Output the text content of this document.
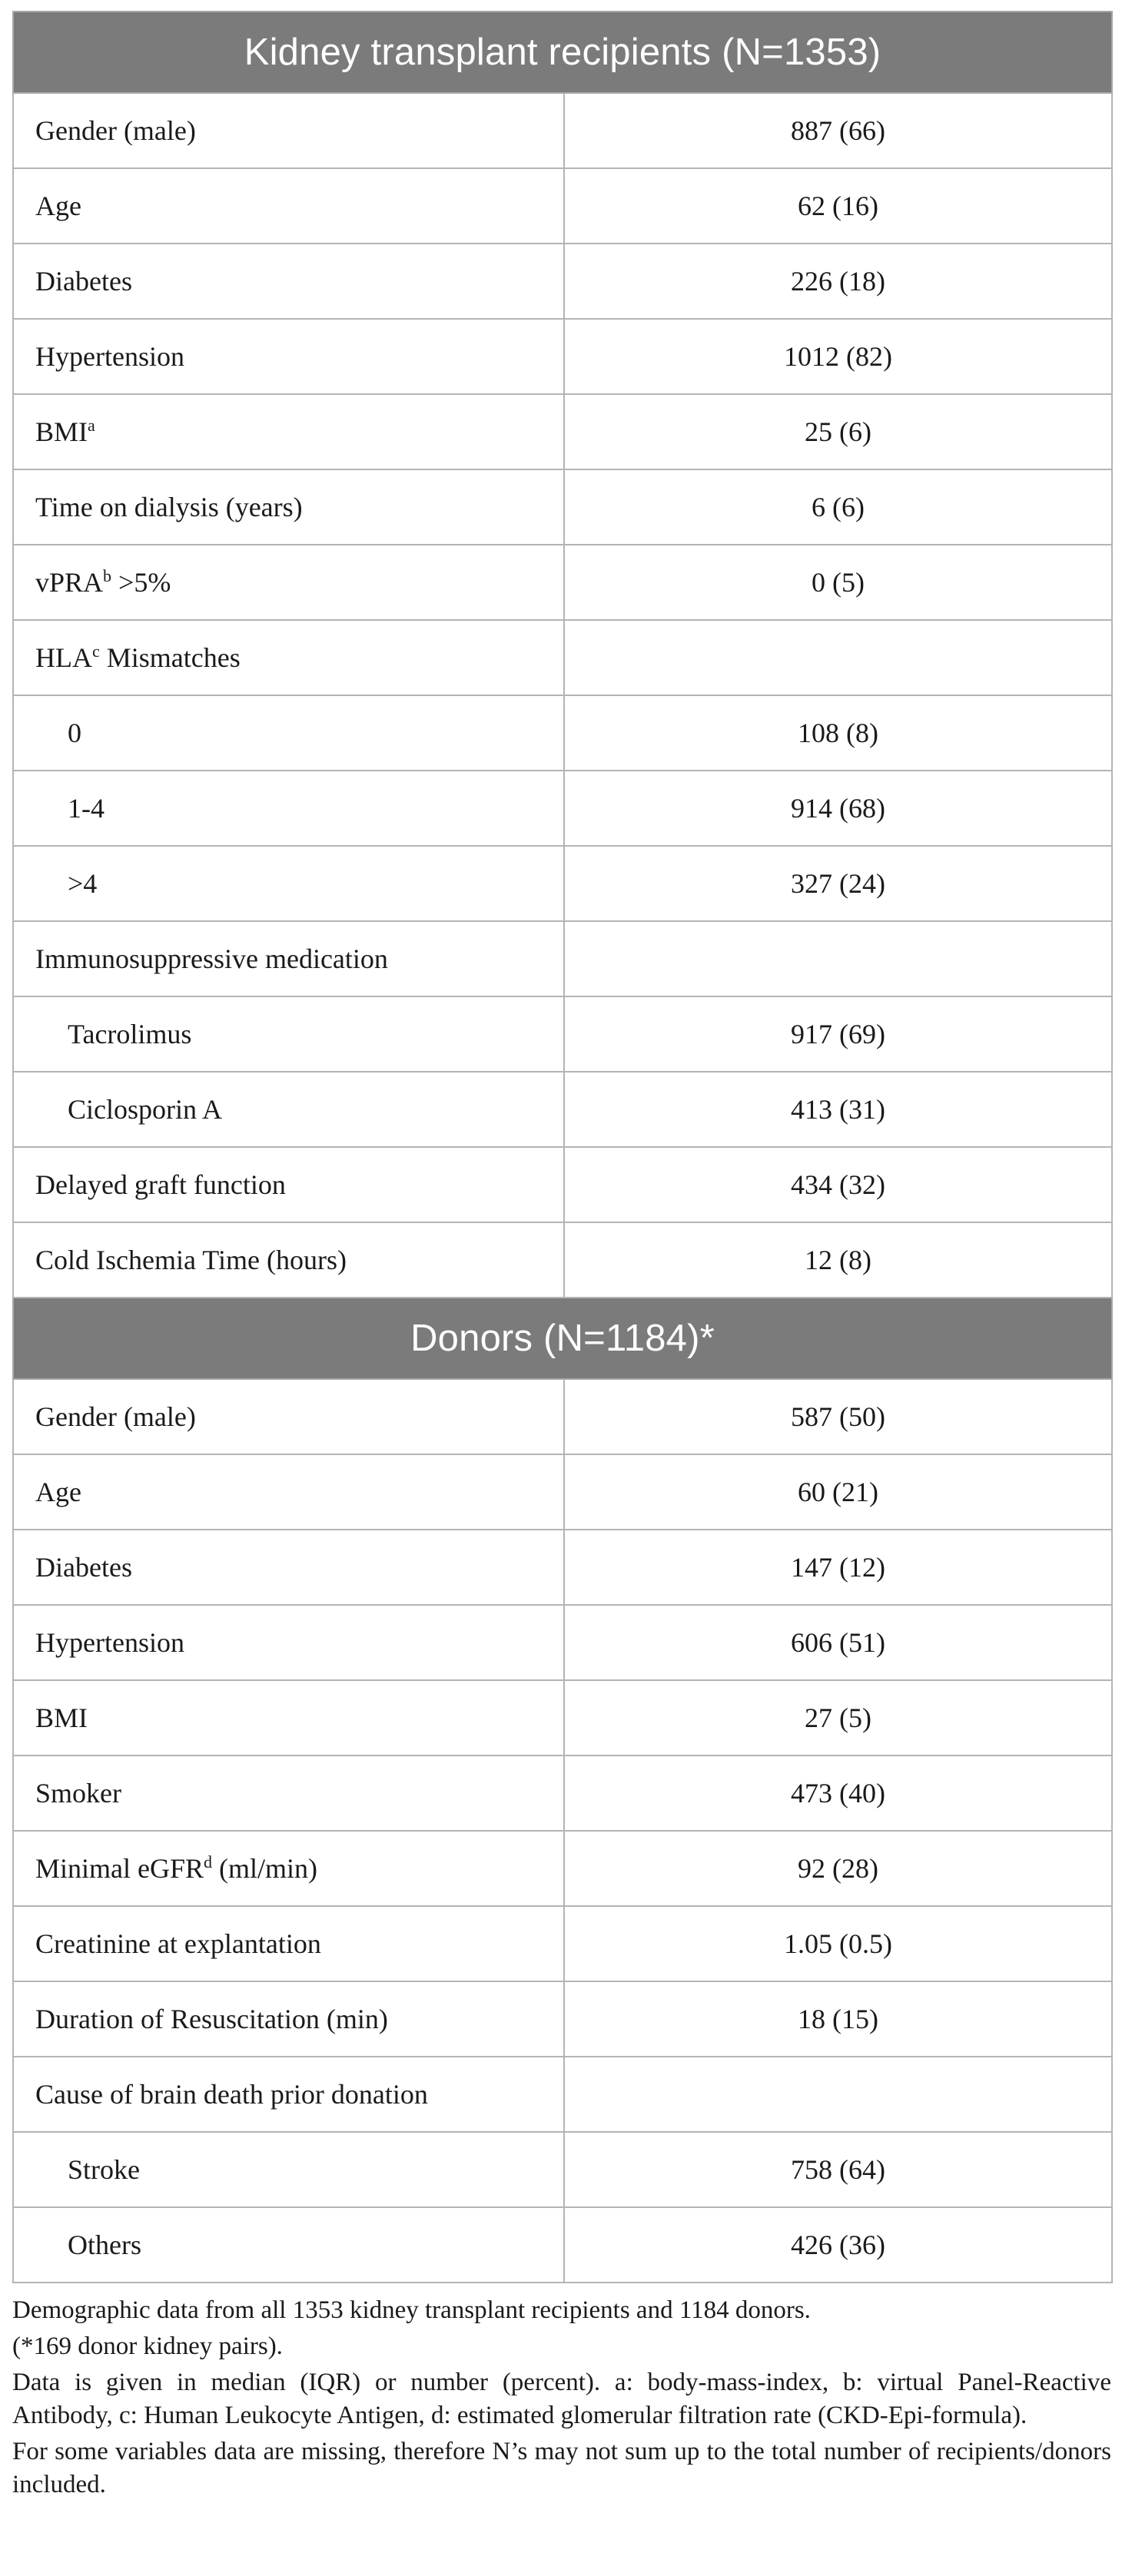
Kidney transplant recipients (N=1353)	
Gender (male)	887 (66)
Age	62 (16)
Diabetes	226 (18)
Hypertension	1012 (82)
BMI$^a$	25 (6)
Time on dialysis (years)	6 (6)
vPRA$^b$ >5%	0 (5)
HLA$^c$ Mismatches	
0	108 (8)
1-4	914 (68)
>4	327 (24)
Immunosuppressive medication	
Tacrolimus	917 (69)
Ciclosporin A	413 (31)
Delayed graft function	434 (32)
Cold Ischemia Time (hours)	12 (8)
Donors (N=1184)*	
Gender (male)	587 (50)
Age	60 (21)
Diabetes	147 (12)
Hypertension	606 (51)
BMI	27 (5)
Smoker	473 (40)
Minimal eGFR$^d$ (ml/min)	92 (28)
Creatinine at explantation	1.05 (0.5)
Duration of Resuscitation (min)	18 (15)
Cause of brain death prior donation	
Stroke	758 (64)
Others	426 (36)

Demographic data from all 1353 kidney transplant recipients and 1184 donors.

(*169 donor kidney pairs).

Data is given in median (IQR) or number (percent). a: body-mass-index, b: virtual Panel-Reactive Antibody, c: Human Leukocyte Antigen, d: estimated glomerular filtration rate (CKD-Epi-formula).

For some variables data are missing, therefore N’s may not sum up to the total number of recipients/donors included.
